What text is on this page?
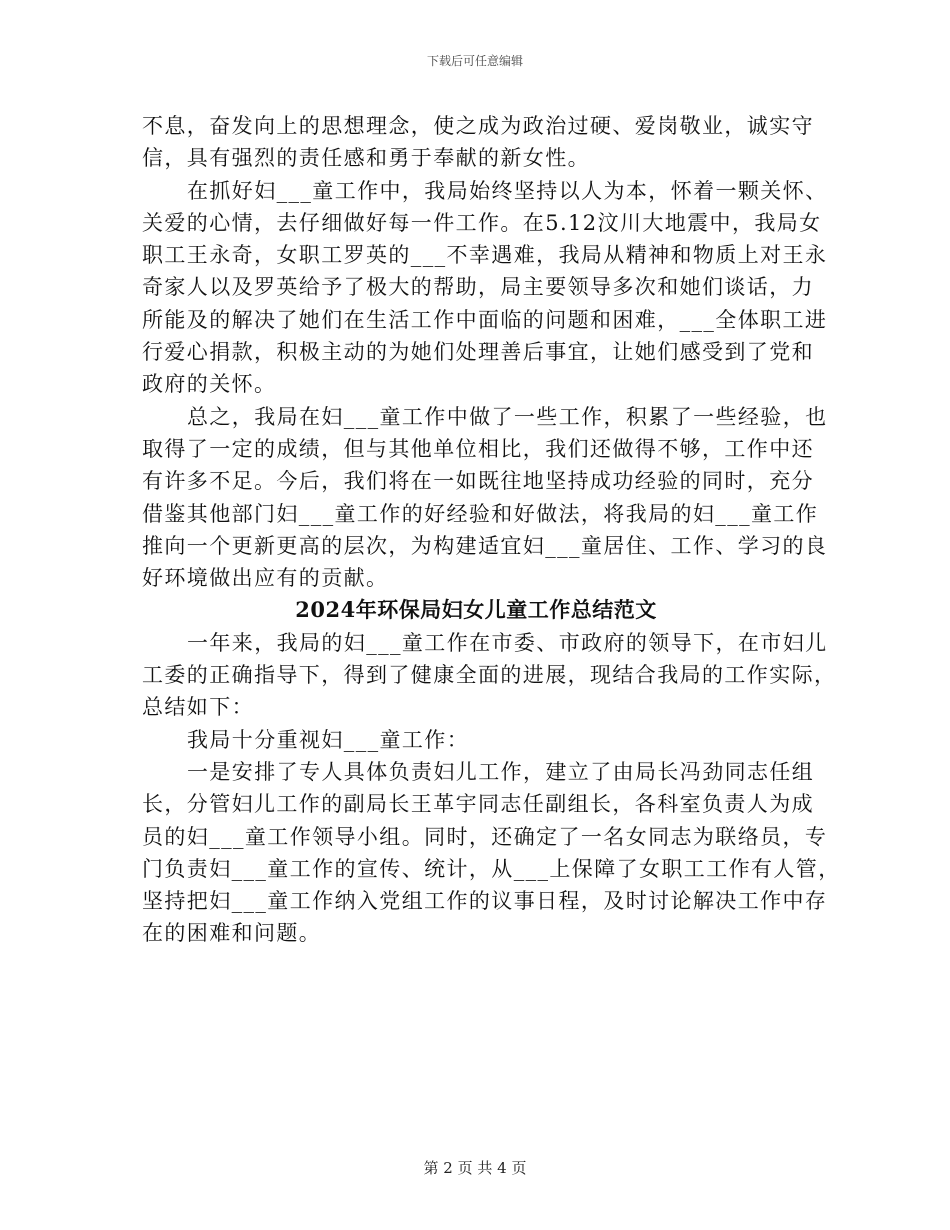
下载后可任意编辑
不息，奋发向上的思想理念，使之成为政治过硬、爱岗敬业，诚实守
信，具有强烈的责任感和勇于奉献的新女性。
在抓好妇___童工作中，我局始终坚持以人为本，怀着一颗关怀、
关爱的心情，去仔细做好每一件工作。在5.12汶川大地震中，我局女
职工王永奇，女职工罗英的___不幸遇难，我局从精神和物质上对王永
奇家人以及罗英给予了极大的帮助，局主要领导多次和她们谈话，力
所能及的解决了她们在生活工作中面临的问题和困难，___全体职工进
行爱心捐款，积极主动的为她们处理善后事宜，让她们感受到了党和
政府的关怀。
总之，我局在妇___童工作中做了一些工作，积累了一些经验，也
取得了一定的成绩，但与其他单位相比，我们还做得不够，工作中还
有许多不足。今后，我们将在一如既往地坚持成功经验的同时，充分
借鉴其他部门妇___童工作的好经验和好做法，将我局的妇___童工作
推向一个更新更高的层次，为构建适宜妇___童居住、工作、学习的良
好环境做出应有的贡献。
2024年环保局妇女儿童工作总结范文
一年来，我局的妇___童工作在市委、市政府的领导下，在市妇儿
工委的正确指导下，得到了健康全面的进展，现结合我局的工作实际，
总结如下：
我局十分重视妇___童工作：
一是安排了专人具体负责妇儿工作，建立了由局长冯劲同志任组
长，分管妇儿工作的副局长王革宇同志任副组长，各科室负责人为成
员的妇___童工作领导小组。同时，还确定了一名女同志为联络员，专
门负责妇___童工作的宣传、统计，从___上保障了女职工工作有人管，
坚持把妇___童工作纳入党组工作的议事日程，及时讨论解决工作中存
在的困难和问题。
第 2 页 共 4 页
